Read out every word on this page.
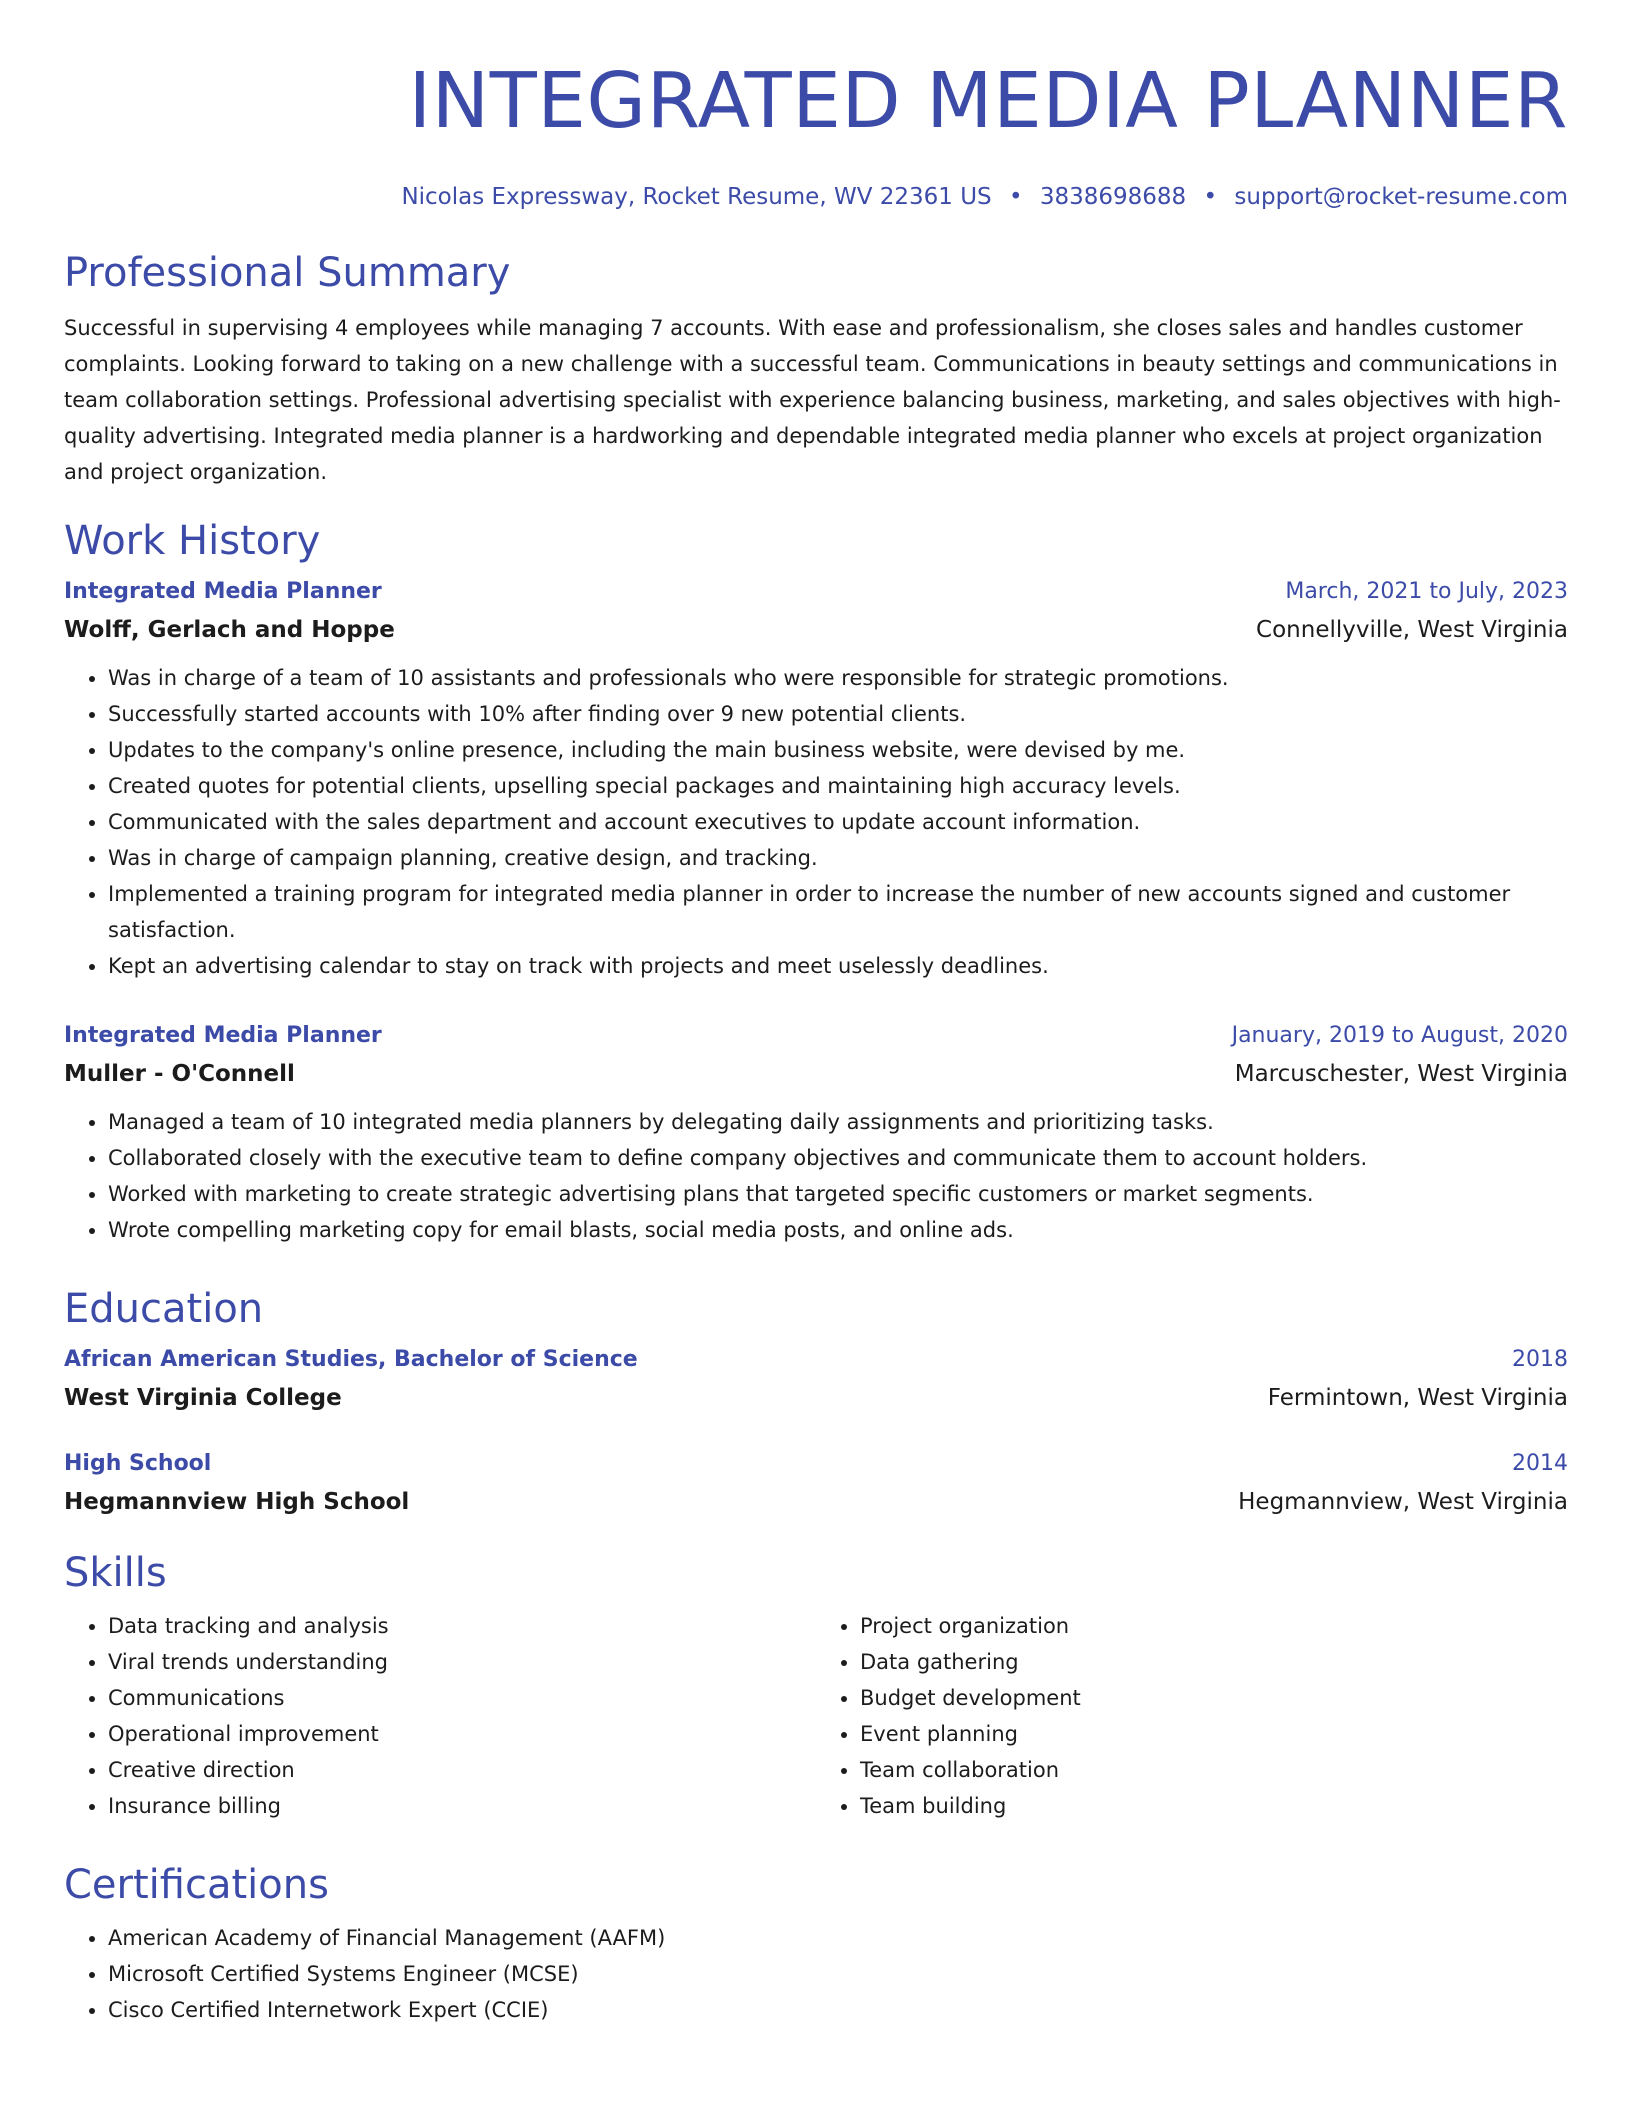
INTEGRATED MEDIA PLANNER
Nicolas Expressway, Rocket Resume, WV 22361 US • 3838698688 • support@rocket-resume.com
Professional Summary
Successful in supervising 4 employees while managing 7 accounts. With ease and professionalism, she closes sales and handles customer complaints. Looking forward to taking on a new challenge with a successful team. Communications in beauty settings and communications in team collaboration settings. Professional advertising specialist with experience balancing business, marketing, and sales objectives with high-quality advertising. Integrated media planner is a hardworking and dependable integrated media planner who excels at project organization and project organization.
Work History
Integrated Media Planner	March, 2021 to July, 2023
Wolff, Gerlach and Hoppe	Connellyville, West Virginia
• Was in charge of a team of 10 assistants and professionals who were responsible for strategic promotions.
• Successfully started accounts with 10% after finding over 9 new potential clients.
• Updates to the company's online presence, including the main business website, were devised by me.
• Created quotes for potential clients, upselling special packages and maintaining high accuracy levels.
• Communicated with the sales department and account executives to update account information.
• Was in charge of campaign planning, creative design, and tracking.
• Implemented a training program for integrated media planner in order to increase the number of new accounts signed and customer satisfaction.
• Kept an advertising calendar to stay on track with projects and meet uselessly deadlines.
Integrated Media Planner	January, 2019 to August, 2020
Muller - O'Connell	Marcuschester, West Virginia
• Managed a team of 10 integrated media planners by delegating daily assignments and prioritizing tasks.
• Collaborated closely with the executive team to define company objectives and communicate them to account holders.
• Worked with marketing to create strategic advertising plans that targeted specific customers or market segments.
• Wrote compelling marketing copy for email blasts, social media posts, and online ads.
Education
African American Studies, Bachelor of Science	2018
West Virginia College	Fermintown, West Virginia
High School	2014
Hegmannview High School	Hegmannview, West Virginia
Skills
• Data tracking and analysis
• Viral trends understanding
• Communications
• Operational improvement
• Creative direction
• Insurance billing
• Project organization
• Data gathering
• Budget development
• Event planning
• Team collaboration
• Team building
Certifications
• American Academy of Financial Management (AAFM)
• Microsoft Certified Systems Engineer (MCSE)
• Cisco Certified Internetwork Expert (CCIE)
